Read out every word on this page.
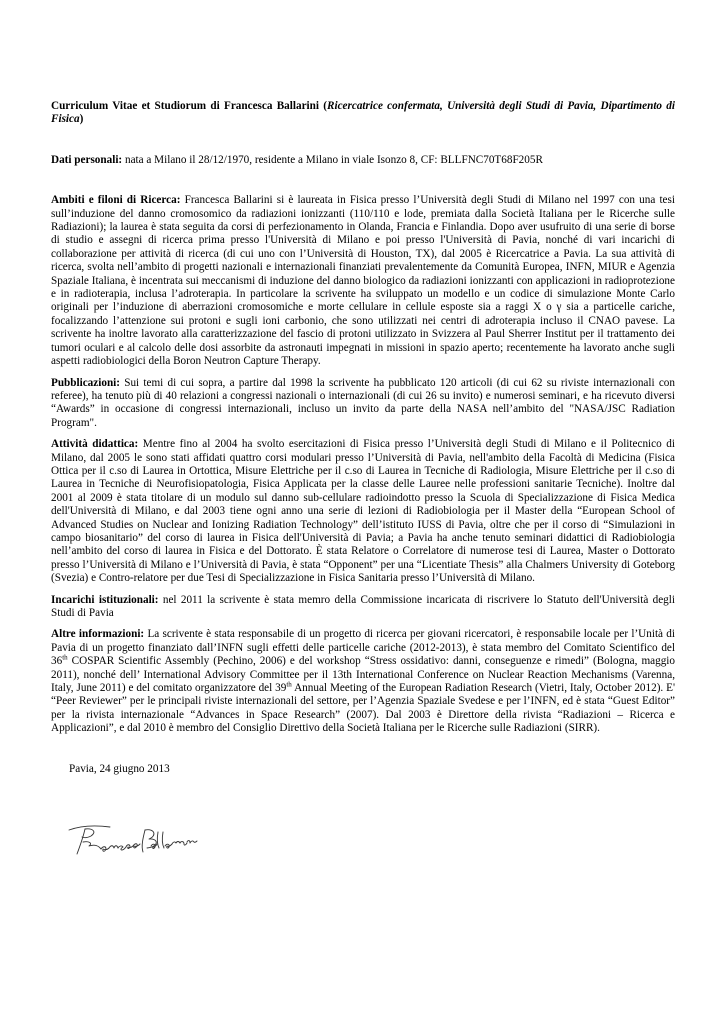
Curriculum Vitae et Studiorum di Francesca Ballarini (Ricercatrice confermata, Università degli Studi di Pavia, Dipartimento di Fisica)

Dati personali: nata a Milano il 28/12/1970, residente a Milano in viale Isonzo 8, CF: BLLFNC70T68F205R

Ambiti e filoni di Ricerca: Francesca Ballarini si è laureata in Fisica presso l’Università degli Studi di Milano nel 1997 con una tesi sull’induzione del danno cromosomico da radiazioni ionizzanti (110/110 e lode, premiata dalla Società Italiana per le Ricerche sulle Radiazioni); la laurea è stata seguita da corsi di perfezionamento in Olanda, Francia e Finlandia. Dopo aver usufruito di una serie di borse di studio e assegni di ricerca prima presso l'Università di Milano e poi presso l'Università di Pavia, nonché di vari incarichi di collaborazione per attività di ricerca (di cui uno con l’Università di Houston, TX), dal 2005 è Ricercatrice a Pavia. La sua attività di ricerca, svolta nell’ambito di progetti nazionali e internazionali finanziati prevalentemente da Comunità Europea, INFN, MIUR e Agenzia Spaziale Italiana, è incentrata sui meccanismi di induzione del danno biologico da radiazioni ionizzanti con applicazioni in radioprotezione e in radioterapia, inclusa l’adroterapia. In particolare la scrivente ha sviluppato un modello e un codice di simulazione Monte Carlo originali per l’induzione di aberrazioni cromosomiche e morte cellulare in cellule esposte sia a raggi X o γ sia a particelle cariche, focalizzando l’attenzione sui protoni e sugli ioni carbonio, che sono utilizzati nei centri di adroterapia incluso il CNAO pavese. La scrivente ha inoltre lavorato alla caratterizzazione del fascio di protoni utilizzato in Svizzera al Paul Sherrer Institut per il trattamento dei tumori oculari e al calcolo delle dosi assorbite da astronauti impegnati in missioni in spazio aperto; recentemente ha lavorato anche sugli aspetti radiobiologici della Boron Neutron Capture Therapy.

Pubblicazioni: Sui temi di cui sopra, a partire dal 1998 la scrivente ha pubblicato 120 articoli (di cui 62 su riviste internazionali con referee), ha tenuto più di 40 relazioni a congressi nazionali o internazionali (di cui 26 su invito) e numerosi seminari, e ha ricevuto diversi “Awards” in occasione di congressi internazionali, incluso un invito da parte della NASA nell’ambito del "NASA/JSC Radiation Program".

Attività didattica: Mentre fino al 2004 ha svolto esercitazioni di Fisica presso l’Università degli Studi di Milano e il Politecnico di Milano, dal 2005 le sono stati affidati quattro corsi modulari presso l’Università di Pavia, nell'ambito della Facoltà di Medicina (Fisica Ottica per il c.so di Laurea in Ortottica, Misure Elettriche per il c.so di Laurea in Tecniche di Radiologia, Misure Elettriche per il c.so di Laurea in Tecniche di Neurofisiopatologia, Fisica Applicata per la classe delle Lauree nelle professioni sanitarie Tecniche). Inoltre dal 2001 al 2009 è stata titolare di un modulo sul danno sub-cellulare radioindotto presso la Scuola di Specializzazione di Fisica Medica dell'Università di Milano, e dal 2003 tiene ogni anno una serie di lezioni di Radiobiologia per il Master della “European School of Advanced Studies on Nuclear and Ionizing Radiation Technology” dell’istituto IUSS di Pavia, oltre che per il corso di “Simulazioni in campo biosanitario” del corso di laurea in Fisica dell'Università di Pavia; a Pavia ha anche tenuto seminari didattici di Radiobiologia nell’ambito del corso di laurea in Fisica e del Dottorato. È stata Relatore o Correlatore di numerose tesi di Laurea, Master o Dottorato presso l’Università di Milano e l’Università di Pavia, è stata “Opponent” per una “Licentiate Thesis” alla Chalmers University di Goteborg (Svezia) e Contro-relatore per due Tesi di Specializzazione in Fisica Sanitaria presso l’Università di Milano.

Incarichi istituzionali: nel 2011 la scrivente è stata memro della Commissione incaricata di riscrivere lo Statuto dell'Università degli Studi di Pavia

Altre informazioni: La scrivente è stata responsabile di un progetto di ricerca per giovani ricercatori, è responsabile locale per l’Unità di Pavia di un progetto finanziato dall’INFN sugli effetti delle particelle cariche (2012-2013), è stata membro del Comitato Scientifico del 36th COSPAR Scientific Assembly (Pechino, 2006) e del workshop “Stress ossidativo: danni, conseguenze e rimedi” (Bologna, maggio 2011), nonché dell’ International Advisory Committee per il 13th International Conference on Nuclear Reaction Mechanisms (Varenna, Italy, June 2011) e del comitato organizzatore del 39th Annual Meeting of the European Radiation Research (Vietri, Italy, October 2012). E' “Peer Reviewer” per le principali riviste internazionali del settore, per l’Agenzia Spaziale Svedese e per l’INFN, ed è stata “Guest Editor” per la rivista internazionale “Advances in Space Research” (2007). Dal 2003 è Direttore della rivista “Radiazioni – Ricerca e Applicazioni”, e dal 2010 è membro del Consiglio Direttivo della Società Italiana per le Ricerche sulle Radiazioni (SIRR).

Pavia, 24 giugno 2013
